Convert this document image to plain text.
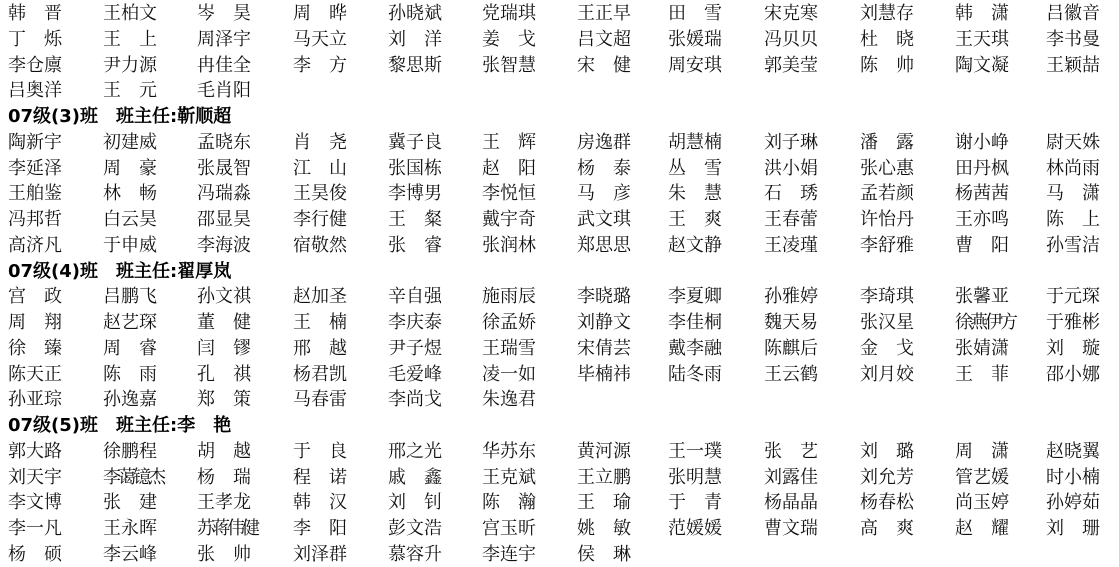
韩　晋 王柏文 岑　昊 周　晔 孙晓斌 党瑞琪 王正早 田　雪 宋克寒 刘慧存 韩　潇 吕徽音
丁　烁 王　上 周泽宇 马天立 刘　洋 姜　戈 吕文超 张媛瑞 冯贝贝 杜　晓 王天琪 李书曼
李仓廪 尹力源 冉佳全 李　方 黎思斯 张智慧 宋　健 周安琪 郭美莹 陈　帅 陶文凝 王颖喆
吕奥洋 王　元 毛肖阳
07级(3)班　班主任:靳顺超
陶新宇 初建威 孟晓东 肖　尧 冀子良 王　辉 房逸群 胡慧楠 刘子琳 潘　露 谢小峥 尉天姝
李延泽 周　豪 张晟智 江　山 张国栋 赵　阳 杨　泰 丛　雪 洪小娟 张心惠 田丹枫 林尚雨
王舶鉴 林　畅 冯瑞淼 王昊俊 李博男 李悦恒 马　彦 朱　慧 石　琇 孟若颜 杨茜茜 马　潇
冯邦哲 白云昊 邵显昊 李行健 王　粲 戴宇奇 武文琪 王　爽 王春蕾 许怡丹 王亦鸣 陈　上
高济凡 于申威 李海波 宿敬然 张　睿 张润林 郑思思 赵文静 王凌瑾 李舒雅 曹　阳 孙雪洁
07级(4)班　班主任:翟厚岚
宫　政 吕鹏飞 孙文祺 赵加圣 辛自强 施雨辰 李晓璐 李夏卿 孙雅婷 李琦琪 张馨亚 于元琛
周　翔 赵艺琛 董　健 王　楠 李庆泰 徐孟娇 刘静文 李佳桐 魏天易 张汉星 徐燕伊方 于雅彬
徐　臻 周　睿 闫　镠 邢　越 尹子煜 王瑞雪 宋倩芸 戴李融 陈麒后 金　戈 张婧潇 刘　璇
陈天正 陈　雨 孔　祺 杨君凯 毛爱峰 凌一如 毕楠祎 陆冬雨 王云鹤 刘月姣 王　菲 邵小娜
孙亚琮 孙逸嘉 郑　策 马春雷 李尚戈 朱逸君
07级(5)班　班主任:李　艳
郭大路 徐鹏程 胡　越 于　良 邢之光 华苏东 黄河源 王一璞 张　艺 刘　璐 周　潇 赵晓翼
刘天宇 李蔼镱杰 杨　瑞 程　诺 戚　鑫 王克斌 王立鹏 张明慧 刘露佳 刘允芳 管艺媛 时小楠
李文博 张　建 王孝龙 韩　汉 刘　钊 陈　瀚 王　瑜 于　青 杨晶晶 杨春松 尚玉婷 孙婷茹
李一凡 王永晖 苏蒋伟健 李　阳 彭文浩 宫玉昕 姚　敏 范媛媛 曹文瑞 高　爽 赵　耀 刘　珊
杨　硕 李云峰 张　帅 刘泽群 慕容升 李连宇 侯　琳
